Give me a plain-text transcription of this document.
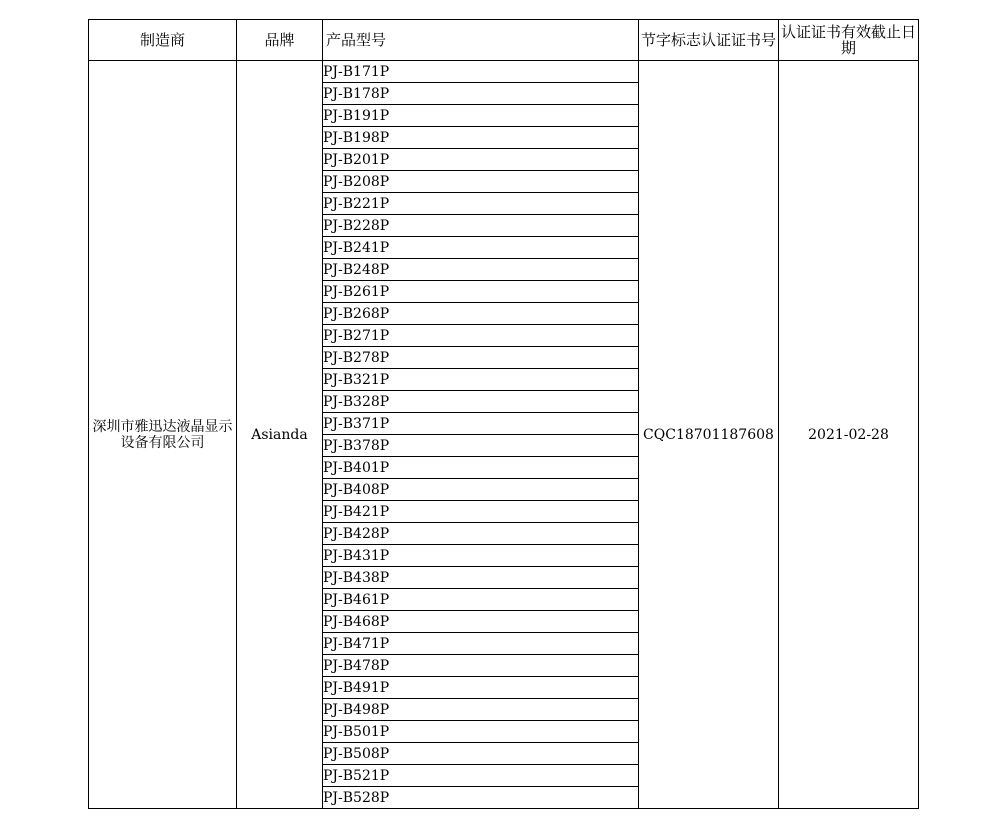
制造商	品牌	产品型号	节字标志认证证书号	认证证书有效截止日期
深圳市雅迅达液晶显示设备有限公司	Asianda	PJ-B171P	CQC18701187608	2021-02-28
		PJ-B178P		
		PJ-B191P		
		PJ-B198P		
		PJ-B201P		
		PJ-B208P		
		PJ-B221P		
		PJ-B228P		
		PJ-B241P		
		PJ-B248P		
		PJ-B261P		
		PJ-B268P		
		PJ-B271P		
		PJ-B278P		
		PJ-B321P		
		PJ-B328P		
		PJ-B371P		
		PJ-B378P		
		PJ-B401P		
		PJ-B408P		
		PJ-B421P		
		PJ-B428P		
		PJ-B431P		
		PJ-B438P		
		PJ-B461P		
		PJ-B468P		
		PJ-B471P		
		PJ-B478P		
		PJ-B491P		
		PJ-B498P		
		PJ-B501P		
		PJ-B508P		
		PJ-B521P		
		PJ-B528P		
